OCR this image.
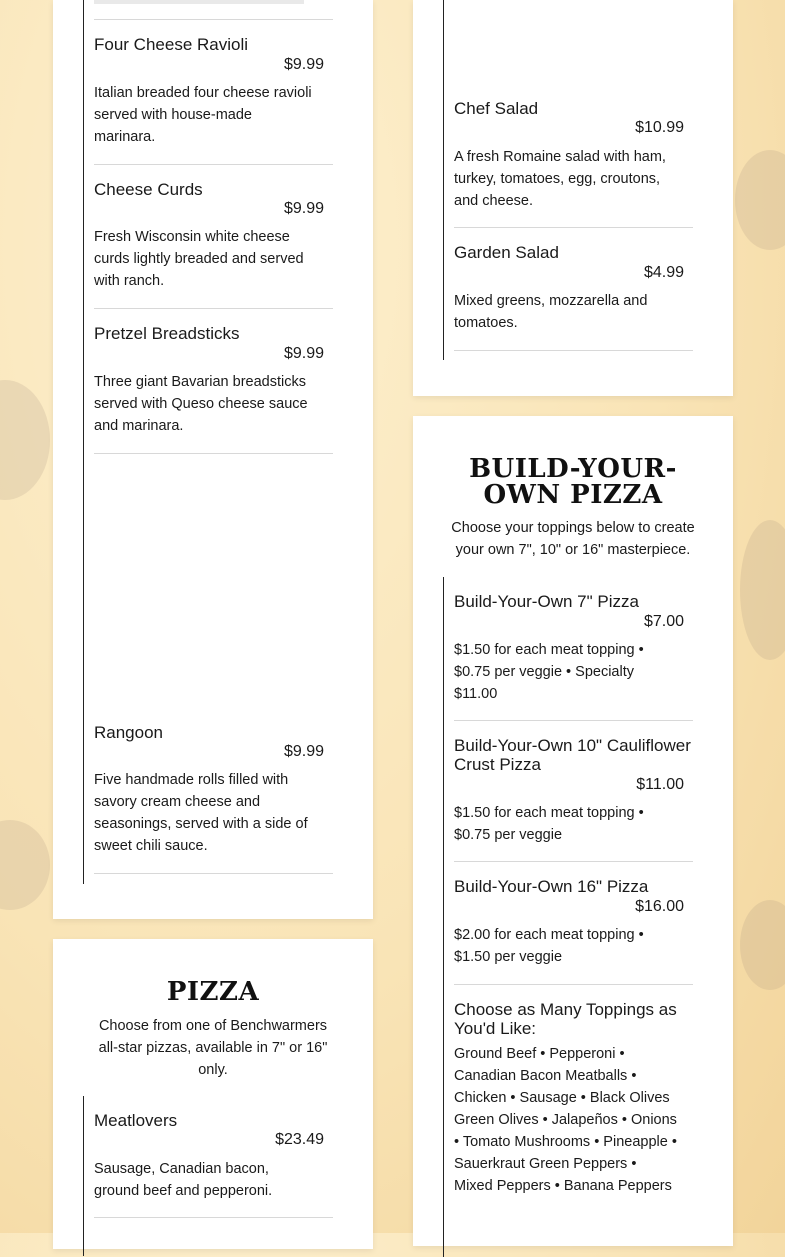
Four Cheese Ravioli
$9.99
Italian breaded four cheese ravioli served with house-made marinara.
Cheese Curds
$9.99
Fresh Wisconsin white cheese curds lightly breaded and served with ranch.
Pretzel Breadsticks
$9.99
Three giant Bavarian breadsticks served with Queso cheese sauce and marinara.
Rangoon
$9.99
Five handmade rolls filled with savory cream cheese and seasonings, served with a side of sweet chili sauce.
PIZZA
Choose from one of Benchwarmers all-star pizzas, available in 7" or 16" only.
Meatlovers
$23.49
Sausage, Canadian bacon, ground beef and pepperoni.
Chef Salad
$10.99
A fresh Romaine salad with ham, turkey, tomatoes, egg, croutons, and cheese.
Garden Salad
$4.99
Mixed greens, mozzarella and tomatoes.
BUILD-YOUR-OWN PIZZA
Choose your toppings below to create your own 7", 10" or 16" masterpiece.
Build-Your-Own 7" Pizza
$7.00
$1.50 for each meat topping • $0.75 per veggie • Specialty $11.00
Build-Your-Own 10" Cauliflower Crust Pizza
$11.00
$1.50 for each meat topping • $0.75 per veggie
Build-Your-Own 16" Pizza
$16.00
$2.00 for each meat topping • $1.50 per veggie
Choose as Many Toppings as You'd Like:
Ground Beef • Pepperoni • Canadian Bacon Meatballs • Chicken • Sausage • Black Olives Green Olives • Jalapeños • Onions • Tomato Mushrooms • Pineapple • Sauerkraut Green Peppers • Mixed Peppers • Banana Peppers
